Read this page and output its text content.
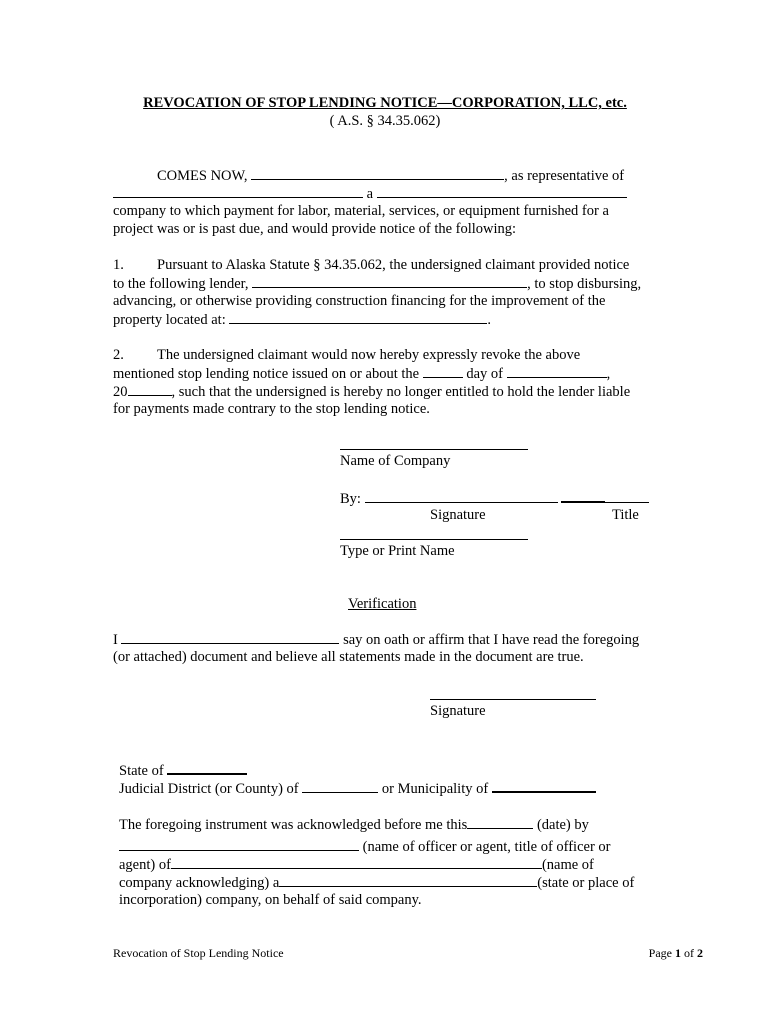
REVOCATION OF STOP LENDING NOTICE—CORPORATION, LLC, etc.
( A.S. § 34.35.062)
COMES NOW,	, as representative of
a
company to which payment for labor, material, services, or equipment furnished for a
project was or is past due, and would provide notice of the following:
1. Pursuant to Alaska Statute § 34.35.062, the undersigned claimant provided notice
to the following lender,	, to stop disbursing,
advancing, or otherwise providing construction financing for the improvement of the
property located at:	.
2. The undersigned claimant would now hereby expressly revoke the above
mentioned stop lending notice issued on or about the	day of	,
20	, such that the undersigned is hereby no longer entitled to hold the lender liable
for payments made contrary to the stop lending notice.
Name of Company
By:
Signature	Title
Type or Print Name
Verification
I	say on oath or affirm that I have read the foregoing
(or attached) document and believe all statements made in the document are true.
Signature
State of
Judicial District (or County) of	or Municipality of
The foregoing instrument was acknowledged before me this	(date) by
(name of officer or agent, title of officer or
agent) of	(name of
company acknowledging) a	(state or place of
incorporation) company, on behalf of said company.
Revocation of Stop Lending Notice	Page 1 of 2
